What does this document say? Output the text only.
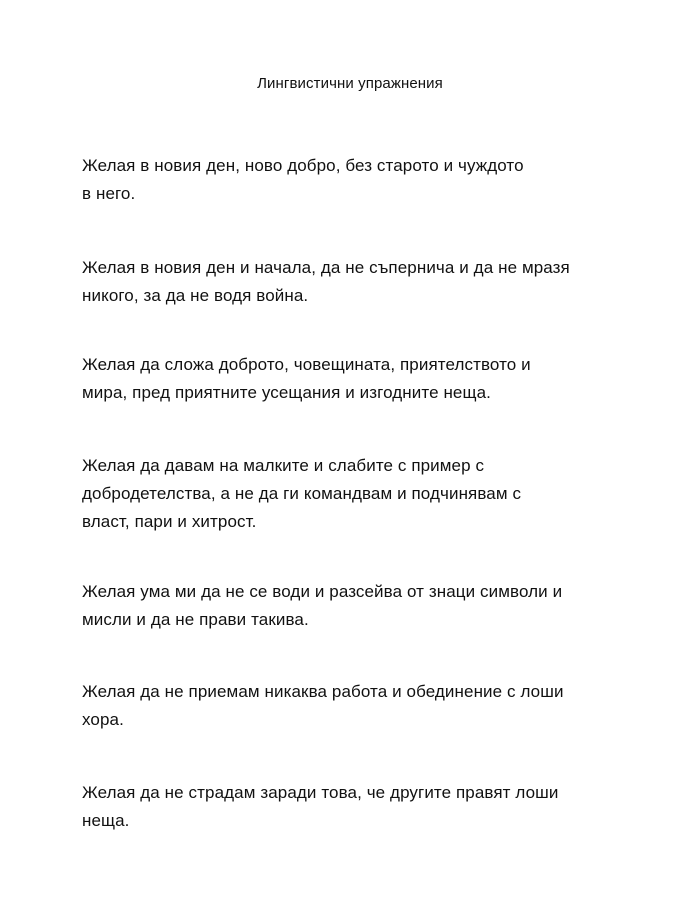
Лингвистични упражнения

Желая в новия ден, ново добро, без старото и чуждото
в него.

Желая в новия ден и начала, да не съпернича и да не мразя
никого, за да не водя война.

Желая да сложа доброто, човещината, приятелството и
мира, пред приятните усещания и изгодните неща.

Желая да давам на малките и слабите с пример с
добродетелства, а не да ги командвам и подчинявам с
власт, пари и хитрост.

Желая ума ми да не се води и разсейва от знаци символи и
мисли и да не прави такива.

Желая да не приемам никаква работа и обединение с лоши
хора.

Желая да не страдам заради това, че другите правят лоши
неща.
